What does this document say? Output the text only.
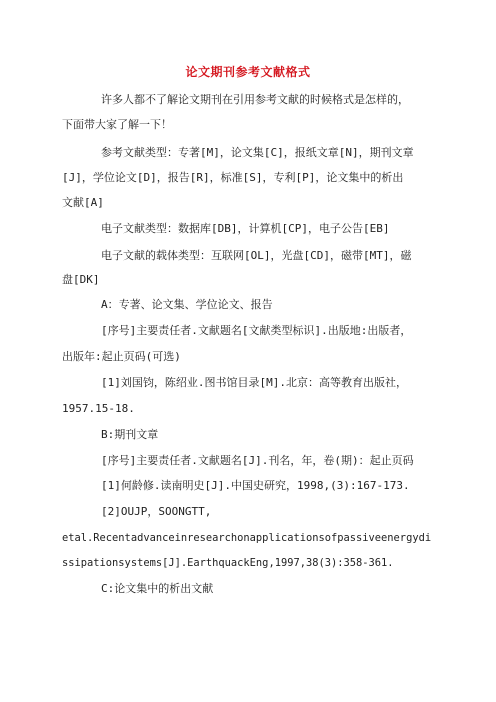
论文期刊参考文献格式
许多人都不了解论文期刊在引用参考文献的时候格式是怎样的，
下面带大家了解一下！
参考文献类型：专著[M]，论文集[C]，报纸文章[N]，期刊文章
[J]，学位论文[D]，报告[R]，标准[S]，专利[P]，论文集中的析出
文献[A]
电子文献类型：数据库[DB]，计算机[CP]，电子公告[EB]
电子文献的载体类型：互联网[OL]，光盘[CD]，磁带[MT]，磁
盘[DK]
A：专著、论文集、学位论文、报告
[序号]主要责任者.文献题名[文献类型标识].出版地:出版者，
出版年:起止页码(可选)
[1]刘国钧，陈绍业.图书馆目录[M].北京：高等教育出版社，
1957.15-18.
B:期刊文章
[序号]主要责任者.文献题名[J].刊名，年，卷(期)：起止页码
[1]何龄修.读南明史[J].中国史研究，1998,(3):167-173.
[2]OUJP，SOONGTT,
etal.Recentadvanceinresearchonapplicationsofpassiveenergydi
ssipationsystems[J].EarthquackEng,1997,38(3):358-361.
C:论文集中的析出文献
